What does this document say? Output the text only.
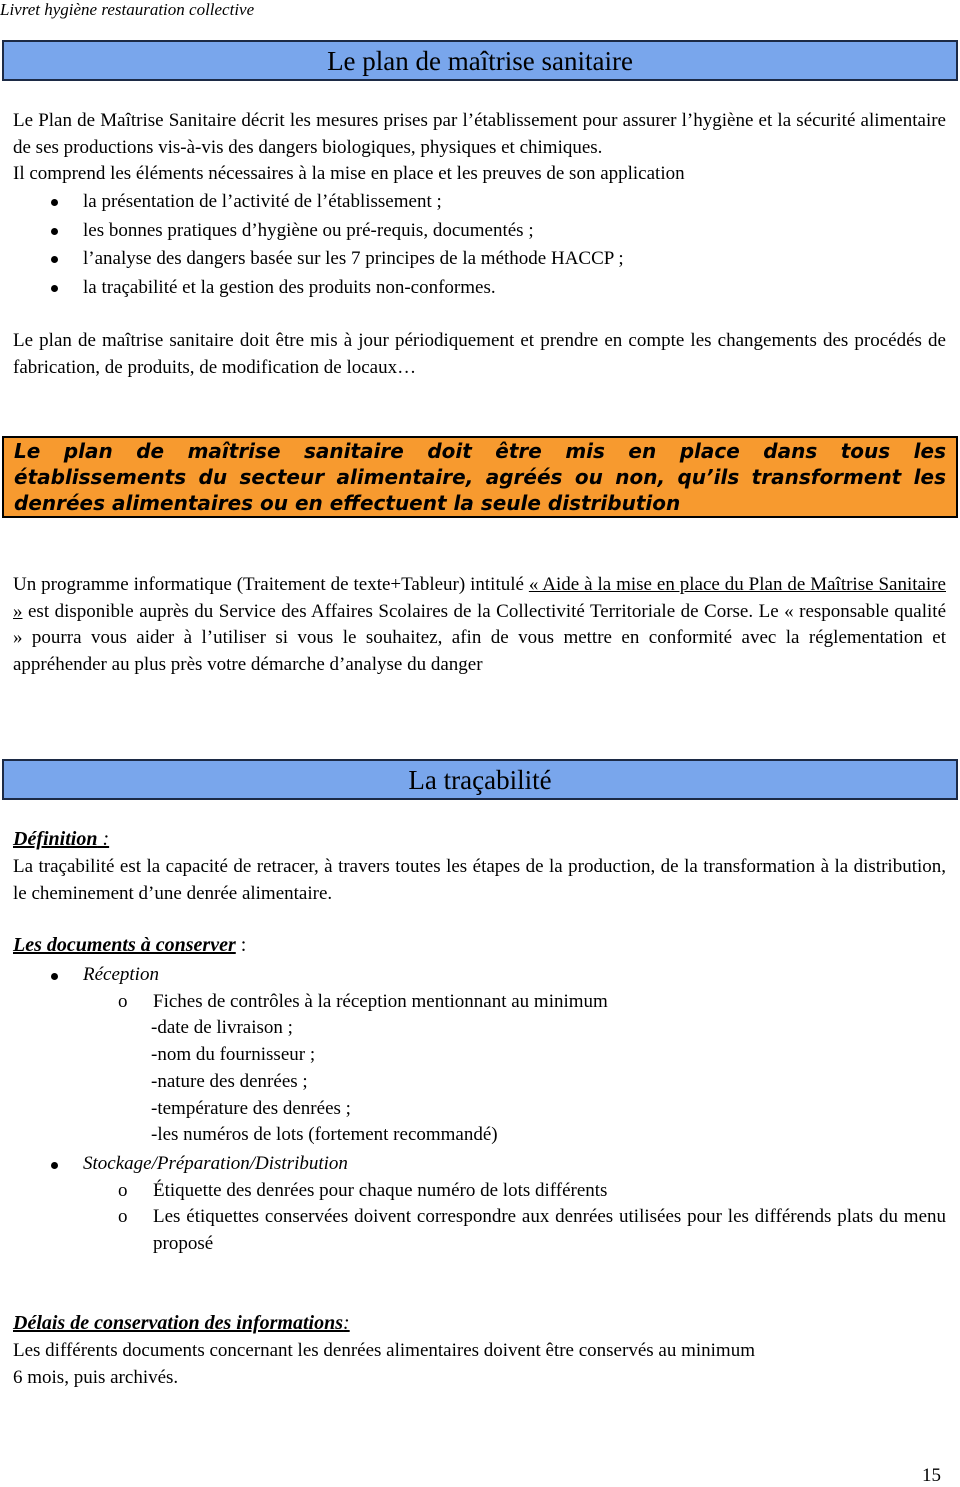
Livret hygiène restauration collective
Le plan de maîtrise sanitaire
Le Plan de Maîtrise Sanitaire décrit les mesures prises par l’établissement pour assurer l’hygiène et la sécurité alimentaire de ses productions vis-à-vis des dangers biologiques, physiques et chimiques.
Il comprend les éléments nécessaires à la mise en place et les preuves de son application
la présentation de l’activité de l’établissement ;
les bonnes pratiques d’hygiène ou pré-requis, documentés ;
l’analyse des dangers basée sur les 7 principes de la méthode HACCP ;
la traçabilité et la gestion des produits non-conformes.
Le plan de maîtrise sanitaire doit être mis à jour périodiquement et prendre en compte les changements des procédés de fabrication, de produits, de modification de locaux…
Le plan de maîtrise sanitaire doit être mis en place dans tous les
établissements du secteur alimentaire, agréés ou non, qu’ils transforment les
denrées alimentaires ou en effectuent la seule distribution
Un programme informatique (Traitement de texte+Tableur) intitulé « Aide à la mise en place du Plan de Maîtrise Sanitaire » est disponible auprès du Service des Affaires Scolaires de la Collectivité Territoriale de Corse. Le « responsable qualité » pourra vous aider à l’utiliser si vous le souhaitez, afin de vous mettre en conformité avec la réglementation et appréhender au plus près votre démarche d’analyse du danger
La traçabilité
Définition :
La traçabilité est la capacité de retracer, à travers toutes les étapes de la production, de la transformation à la distribution, le cheminement d’une denrée alimentaire.
Les documents à conserver :
Réception
o Fiches de contrôles à la réception mentionnant au minimum
-date de livraison ;
-nom du fournisseur ;
-nature des denrées ;
-température des denrées ;
-les numéros de lots (fortement recommandé)
Stockage/Préparation/Distribution
o Étiquette des denrées pour chaque numéro de lots différents
o Les étiquettes conservées doivent correspondre aux denrées utilisées pour les différends plats du menu proposé
Délais de conservation des informations:
Les différents documents concernant les denrées alimentaires doivent être conservés au minimum
6 mois, puis archivés.
15
